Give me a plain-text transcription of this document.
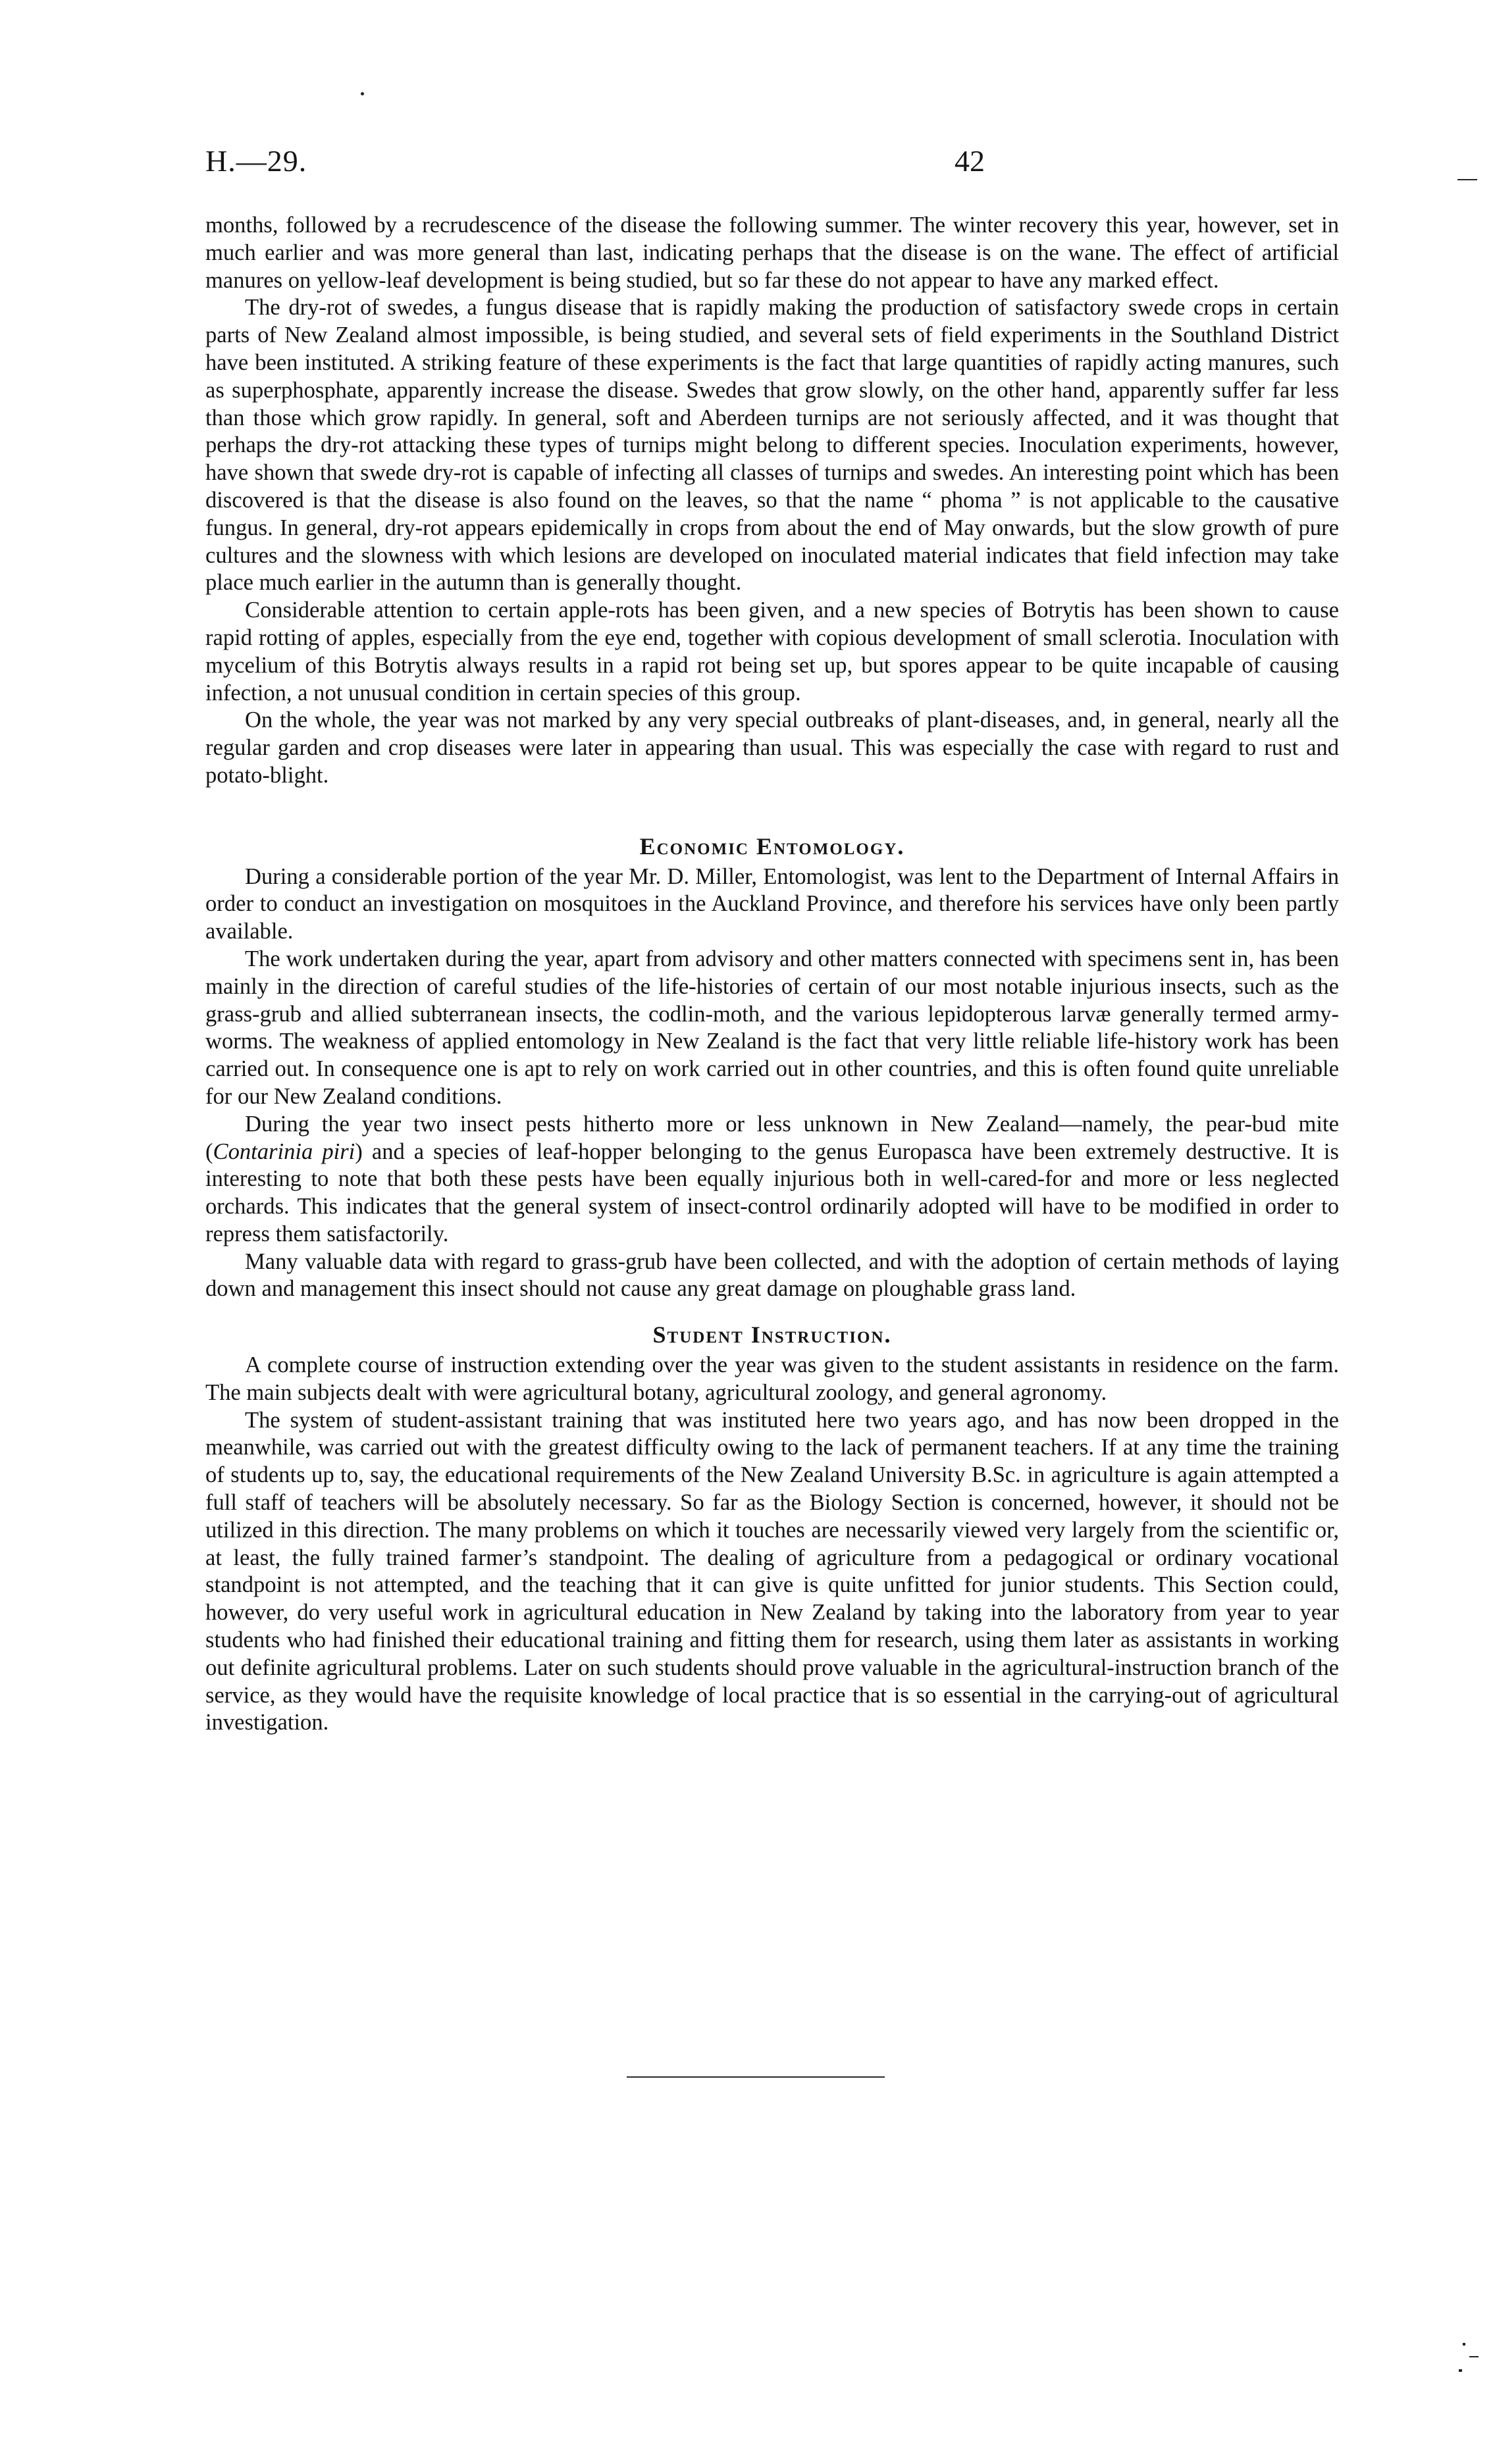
H.—29.	42

months, followed by a recrudescence of the disease the following summer. The winter recovery this year, however, set in much earlier and was more general than last, indicating perhaps that the disease is on the wane. The effect of artificial manures on yellow-leaf development is being studied, but so far these do not appear to have any marked effect.

The dry-rot of swedes, a fungus disease that is rapidly making the production of satisfactory swede crops in certain parts of New Zealand almost impossible, is being studied, and several sets of field experiments in the Southland District have been instituted. A striking feature of these experiments is the fact that large quantities of rapidly acting manures, such as superphosphate, apparently increase the disease. Swedes that grow slowly, on the other hand, apparently suffer far less than those which grow rapidly. In general, soft and Aberdeen turnips are not seriously affected, and it was thought that perhaps the dry-rot attacking these types of turnips might belong to different species. Inoculation experiments, however, have shown that swede dry-rot is capable of infecting all classes of turnips and swedes. An interesting point which has been discovered is that the disease is also found on the leaves, so that the name “ phoma ” is not applicable to the causative fungus. In general, dry-rot appears epidemically in crops from about the end of May onwards, but the slow growth of pure cultures and the slowness with which lesions are developed on inoculated material indicates that field infection may take place much earlier in the autumn than is generally thought.

Considerable attention to certain apple-rots has been given, and a new species of Botrytis has been shown to cause rapid rotting of apples, especially from the eye end, together with copious development of small sclerotia. Inoculation with mycelium of this Botrytis always results in a rapid rot being set up, but spores appear to be quite incapable of causing infection, a not unusual condition in certain species of this group.

On the whole, the year was not marked by any very special outbreaks of plant-diseases, and, in general, nearly all the regular garden and crop diseases were later in appearing than usual. This was especially the case with regard to rust and potato-blight.

Economic Entomology.

During a considerable portion of the year Mr. D. Miller, Entomologist, was lent to the Department of Internal Affairs in order to conduct an investigation on mosquitoes in the Auckland Province, and therefore his services have only been partly available.

The work undertaken during the year, apart from advisory and other matters connected with specimens sent in, has been mainly in the direction of careful studies of the life-histories of certain of our most notable injurious insects, such as the grass-grub and allied subterranean insects, the codlin-moth, and the various lepidopterous larvæ generally termed army-worms. The weakness of applied entomology in New Zealand is the fact that very little reliable life-history work has been carried out. In consequence one is apt to rely on work carried out in other countries, and this is often found quite unreliable for our New Zealand conditions.

During the year two insect pests hitherto more or less unknown in New Zealand—namely, the pear-bud mite (Contarinia piri) and a species of leaf-hopper belonging to the genus Europasca have been extremely destructive. It is interesting to note that both these pests have been equally injurious both in well-cared-for and more or less neglected orchards. This indicates that the general system of insect-control ordinarily adopted will have to be modified in order to repress them satisfactorily.

Many valuable data with regard to grass-grub have been collected, and with the adoption of certain methods of laying down and management this insect should not cause any great damage on ploughable grass land.

Student Instruction.

A complete course of instruction extending over the year was given to the student assistants in residence on the farm. The main subjects dealt with were agricultural botany, agricultural zoology, and general agronomy.

The system of student-assistant training that was instituted here two years ago, and has now been dropped in the meanwhile, was carried out with the greatest difficulty owing to the lack of permanent teachers. If at any time the training of students up to, say, the educational requirements of the New Zealand University B.Sc. in agriculture is again attempted a full staff of teachers will be absolutely necessary. So far as the Biology Section is concerned, however, it should not be utilized in this direction. The many problems on which it touches are necessarily viewed very largely from the scientific or, at least, the fully trained farmer’s standpoint. The dealing of agriculture from a pedagogical or ordinary vocational standpoint is not attempted, and the teaching that it can give is quite unfitted for junior students. This Section could, however, do very useful work in agricultural education in New Zealand by taking into the laboratory from year to year students who had finished their educational training and fitting them for research, using them later as assistants in working out definite agricultural problems. Later on such students should prove valuable in the agricultural-instruction branch of the service, as they would have the requisite knowledge of local practice that is so essential in the carrying-out of agricultural investigation.
